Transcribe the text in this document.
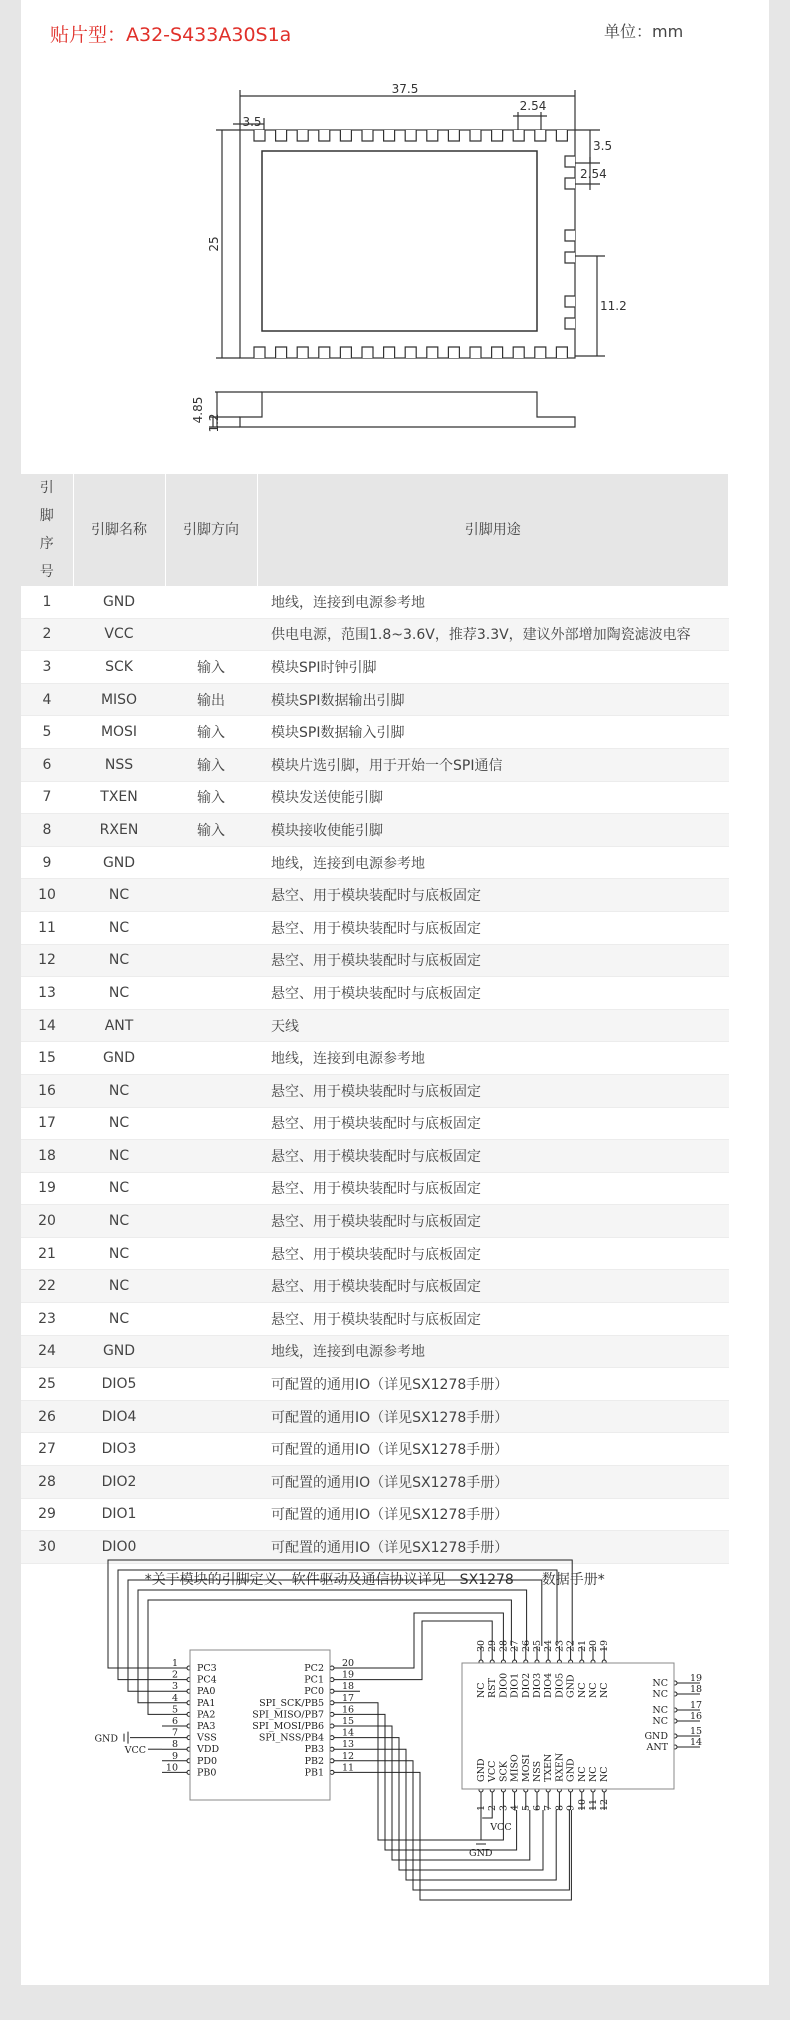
贴片型：A32-S433A30S1a	单位：mm
37.5
3.5
2.54
25
3.5
2.54
11.2
4.85 1.2
引脚序号	引脚名称	引脚方向	引脚用途
1	GND		地线，连接到电源参考地
2	VCC		供电电源，范围1.8~3.6V，推荐3.3V，建议外部增加陶瓷滤波电容
3	SCK	输入	模块SPI时钟引脚
4	MISO	输出	模块SPI数据输出引脚
5	MOSI	输入	模块SPI数据输入引脚
6	NSS	输入	模块片选引脚，用于开始一个SPI通信
7	TXEN	输入	模块发送使能引脚
8	RXEN	输入	模块接收使能引脚
9	GND		地线，连接到电源参考地
10	NC		悬空、用于模块装配时与底板固定
11	NC		悬空、用于模块装配时与底板固定
12	NC		悬空、用于模块装配时与底板固定
13	NC		悬空、用于模块装配时与底板固定
14	ANT		天线
15	GND		地线，连接到电源参考地
16	NC		悬空、用于模块装配时与底板固定
17	NC		悬空、用于模块装配时与底板固定
18	NC		悬空、用于模块装配时与底板固定
19	NC		悬空、用于模块装配时与底板固定
20	NC		悬空、用于模块装配时与底板固定
21	NC		悬空、用于模块装配时与底板固定
22	NC		悬空、用于模块装配时与底板固定
23	NC		悬空、用于模块装配时与底板固定
24	GND		地线，连接到电源参考地
25	DIO5		可配置的通用IO（详见SX1278手册）
26	DIO4		可配置的通用IO（详见SX1278手册）
27	DIO3		可配置的通用IO（详见SX1278手册）
28	DIO2		可配置的通用IO（详见SX1278手册）
29	DIO1		可配置的通用IO（详见SX1278手册）
30	DIO0		可配置的通用IO（详见SX1278手册）
*关于模块的引脚定义、软件驱动及通信协议详见　SX1278　　数据手册*			
1 PC3
2 PC4
3 PA0
4 PA1
5 PA2
6 PA3
7 VSS
8 VDD
9 PD0
10 PB0
20
PC2
19
PC1
18
PC0
17
SPI_SCK/PB5
16
SPI_MISO/PB7
15
SPI_MOSI/PB6
14
SPI_NSS/PB4
13
PB3
12
PB2
11
PB1
30
NC
29
RST
28
DIO0
27
DIO1
26
DIO2
25
DIO3
24
DIO4
23
DIO5
22
GND
21
NC
20
NC
19
NC
1
GND
2
VCC
3
SCK
4
MISO
5
MOSI
6
NSS
7
TXEN
8
RXEN
9
GND
10
NC
11
NC
12
NC
NC 19
NC 18
NC 17
NC 16
GND 15
ANT 14
GND
VCC
VCC
GND
